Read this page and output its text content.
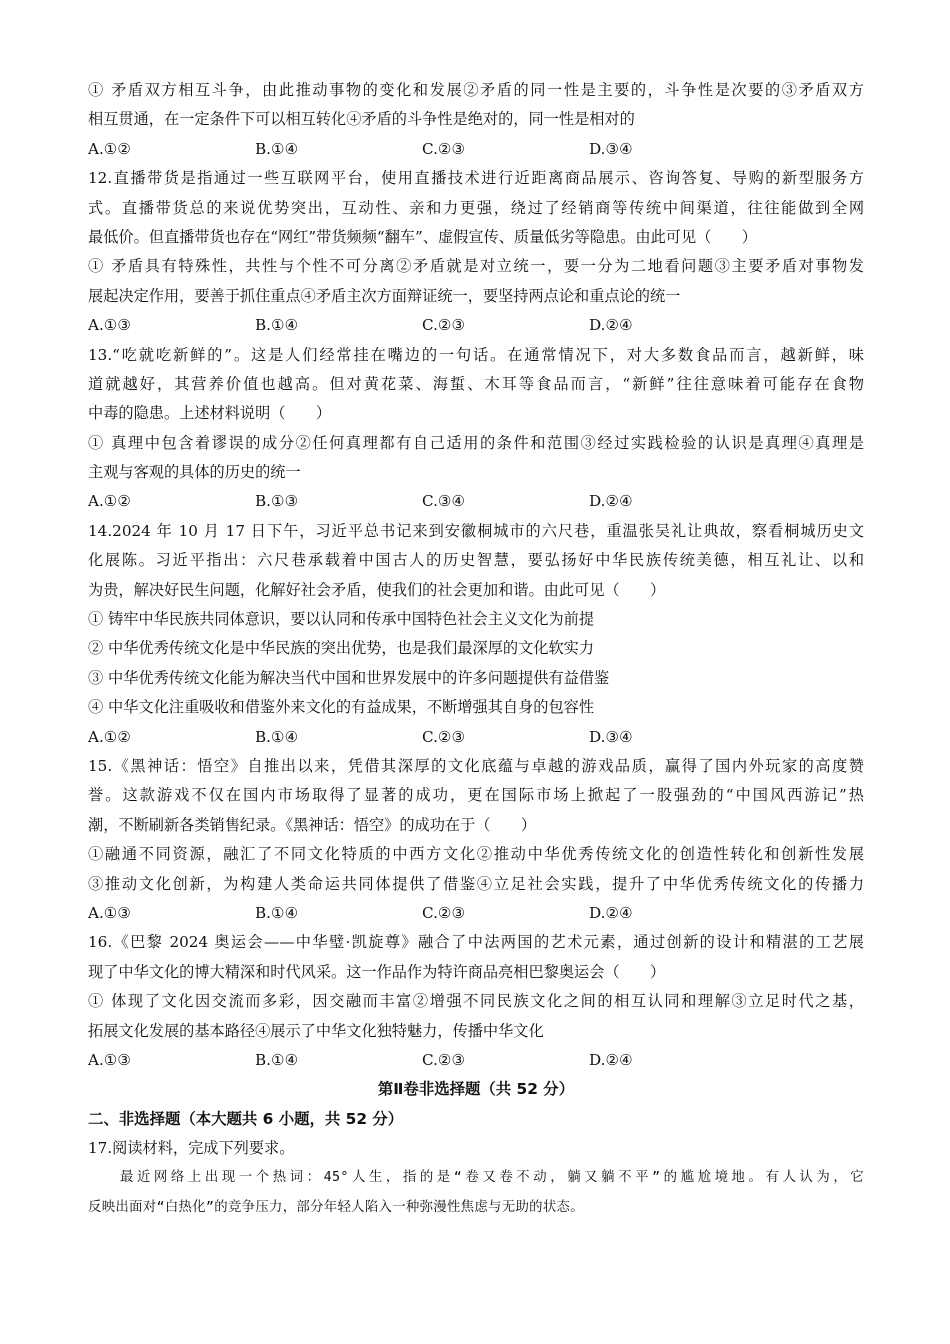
① 矛盾双方相互斗争，由此推动事物的变化和发展②矛盾的同一性是主要的，斗争性是次要的③矛盾双方
相互贯通，在一定条件下可以相互转化④矛盾的斗争性是绝对的，同一性是相对的
A.①②	B.①④	C.②③	D.③④
12.直播带货是指通过一些互联网平台，使用直播技术进行近距离商品展示、咨询答复、导购的新型服务方
式。直播带货总的来说优势突出，互动性、亲和力更强，绕过了经销商等传统中间渠道，往往能做到全网
最低价。但直播带货也存在“网红”带货频频“翻车”、虚假宣传、质量低劣等隐患。由此可见（　　）
① 矛盾具有特殊性，共性与个性不可分离②矛盾就是对立统一，要一分为二地看问题③主要矛盾对事物发
展起决定作用，要善于抓住重点④矛盾主次方面辩证统一，要坚持两点论和重点论的统一
A.①③	B.①④	C.②③	D.②④
13.“吃就吃新鲜的”。这是人们经常挂在嘴边的一句话。在通常情况下，对大多数食品而言，越新鲜，味
道就越好，其营养价值也越高。但对黄花菜、海蜇、木耳等食品而言，“新鲜”往往意味着可能存在食物
中毒的隐患。上述材料说明（　　）
① 真理中包含着谬误的成分②任何真理都有自己适用的条件和范围③经过实践检验的认识是真理④真理是
主观与客观的具体的历史的统一
A.①②	B.①③	C.③④	D.②④
14.2024 年 10 月 17 日下午，习近平总书记来到安徽桐城市的六尺巷，重温张吴礼让典故，察看桐城历史文
化展陈。习近平指出：六尺巷承载着中国古人的历史智慧，要弘扬好中华民族传统美德，相互礼让、以和
为贵，解决好民生问题，化解好社会矛盾，使我们的社会更加和谐。由此可见（　　）
① 铸牢中华民族共同体意识，要以认同和传承中国特色社会主义文化为前提
② 中华优秀传统文化是中华民族的突出优势，也是我们最深厚的文化软实力
③ 中华优秀传统文化能为解决当代中国和世界发展中的许多问题提供有益借鉴
④ 中华文化注重吸收和借鉴外来文化的有益成果，不断增强其自身的包容性
A.①②	B.①④	C.②③	D.③④
15.《黑神话：悟空》自推出以来，凭借其深厚的文化底蕴与卓越的游戏品质，赢得了国内外玩家的高度赞
誉。这款游戏不仅在国内市场取得了显著的成功，更在国际市场上掀起了一股强劲的“中国风西游记”热
潮，不断刷新各类销售纪录。《黑神话：悟空》的成功在于（　　）
①融通不同资源，融汇了不同文化特质的中西方文化②推动中华优秀传统文化的创造性转化和创新性发展
③推动文化创新，为构建人类命运共同体提供了借鉴④立足社会实践，提升了中华优秀传统文化的传播力
A.①③	B.①④	C.②③	D.②④
16.《巴黎 2024 奥运会——中华璧·凯旋尊》融合了中法两国的艺术元素，通过创新的设计和精湛的工艺展
现了中华文化的博大精深和时代风采。这一作品作为特许商品亮相巴黎奥运会（　　）
① 体现了文化因交流而多彩，因交融而丰富②增强不同民族文化之间的相互认同和理解③立足时代之基，
拓展文化发展的基本路径④展示了中华文化独特魅力，传播中华文化
A.①③	B.①④	C.②③	D.②④
第Ⅱ卷非选择题（共 52 分）
二、非选择题（本大题共 6 小题，共 52 分）
17.阅读材料，完成下列要求。
最近网络上出现一个热词：45°人生，指的是“卷又卷不动，躺又躺不平”的尴尬境地。有人认为，它
反映出面对“白热化”的竞争压力，部分年轻人陷入一种弥漫性焦虑与无助的状态。
